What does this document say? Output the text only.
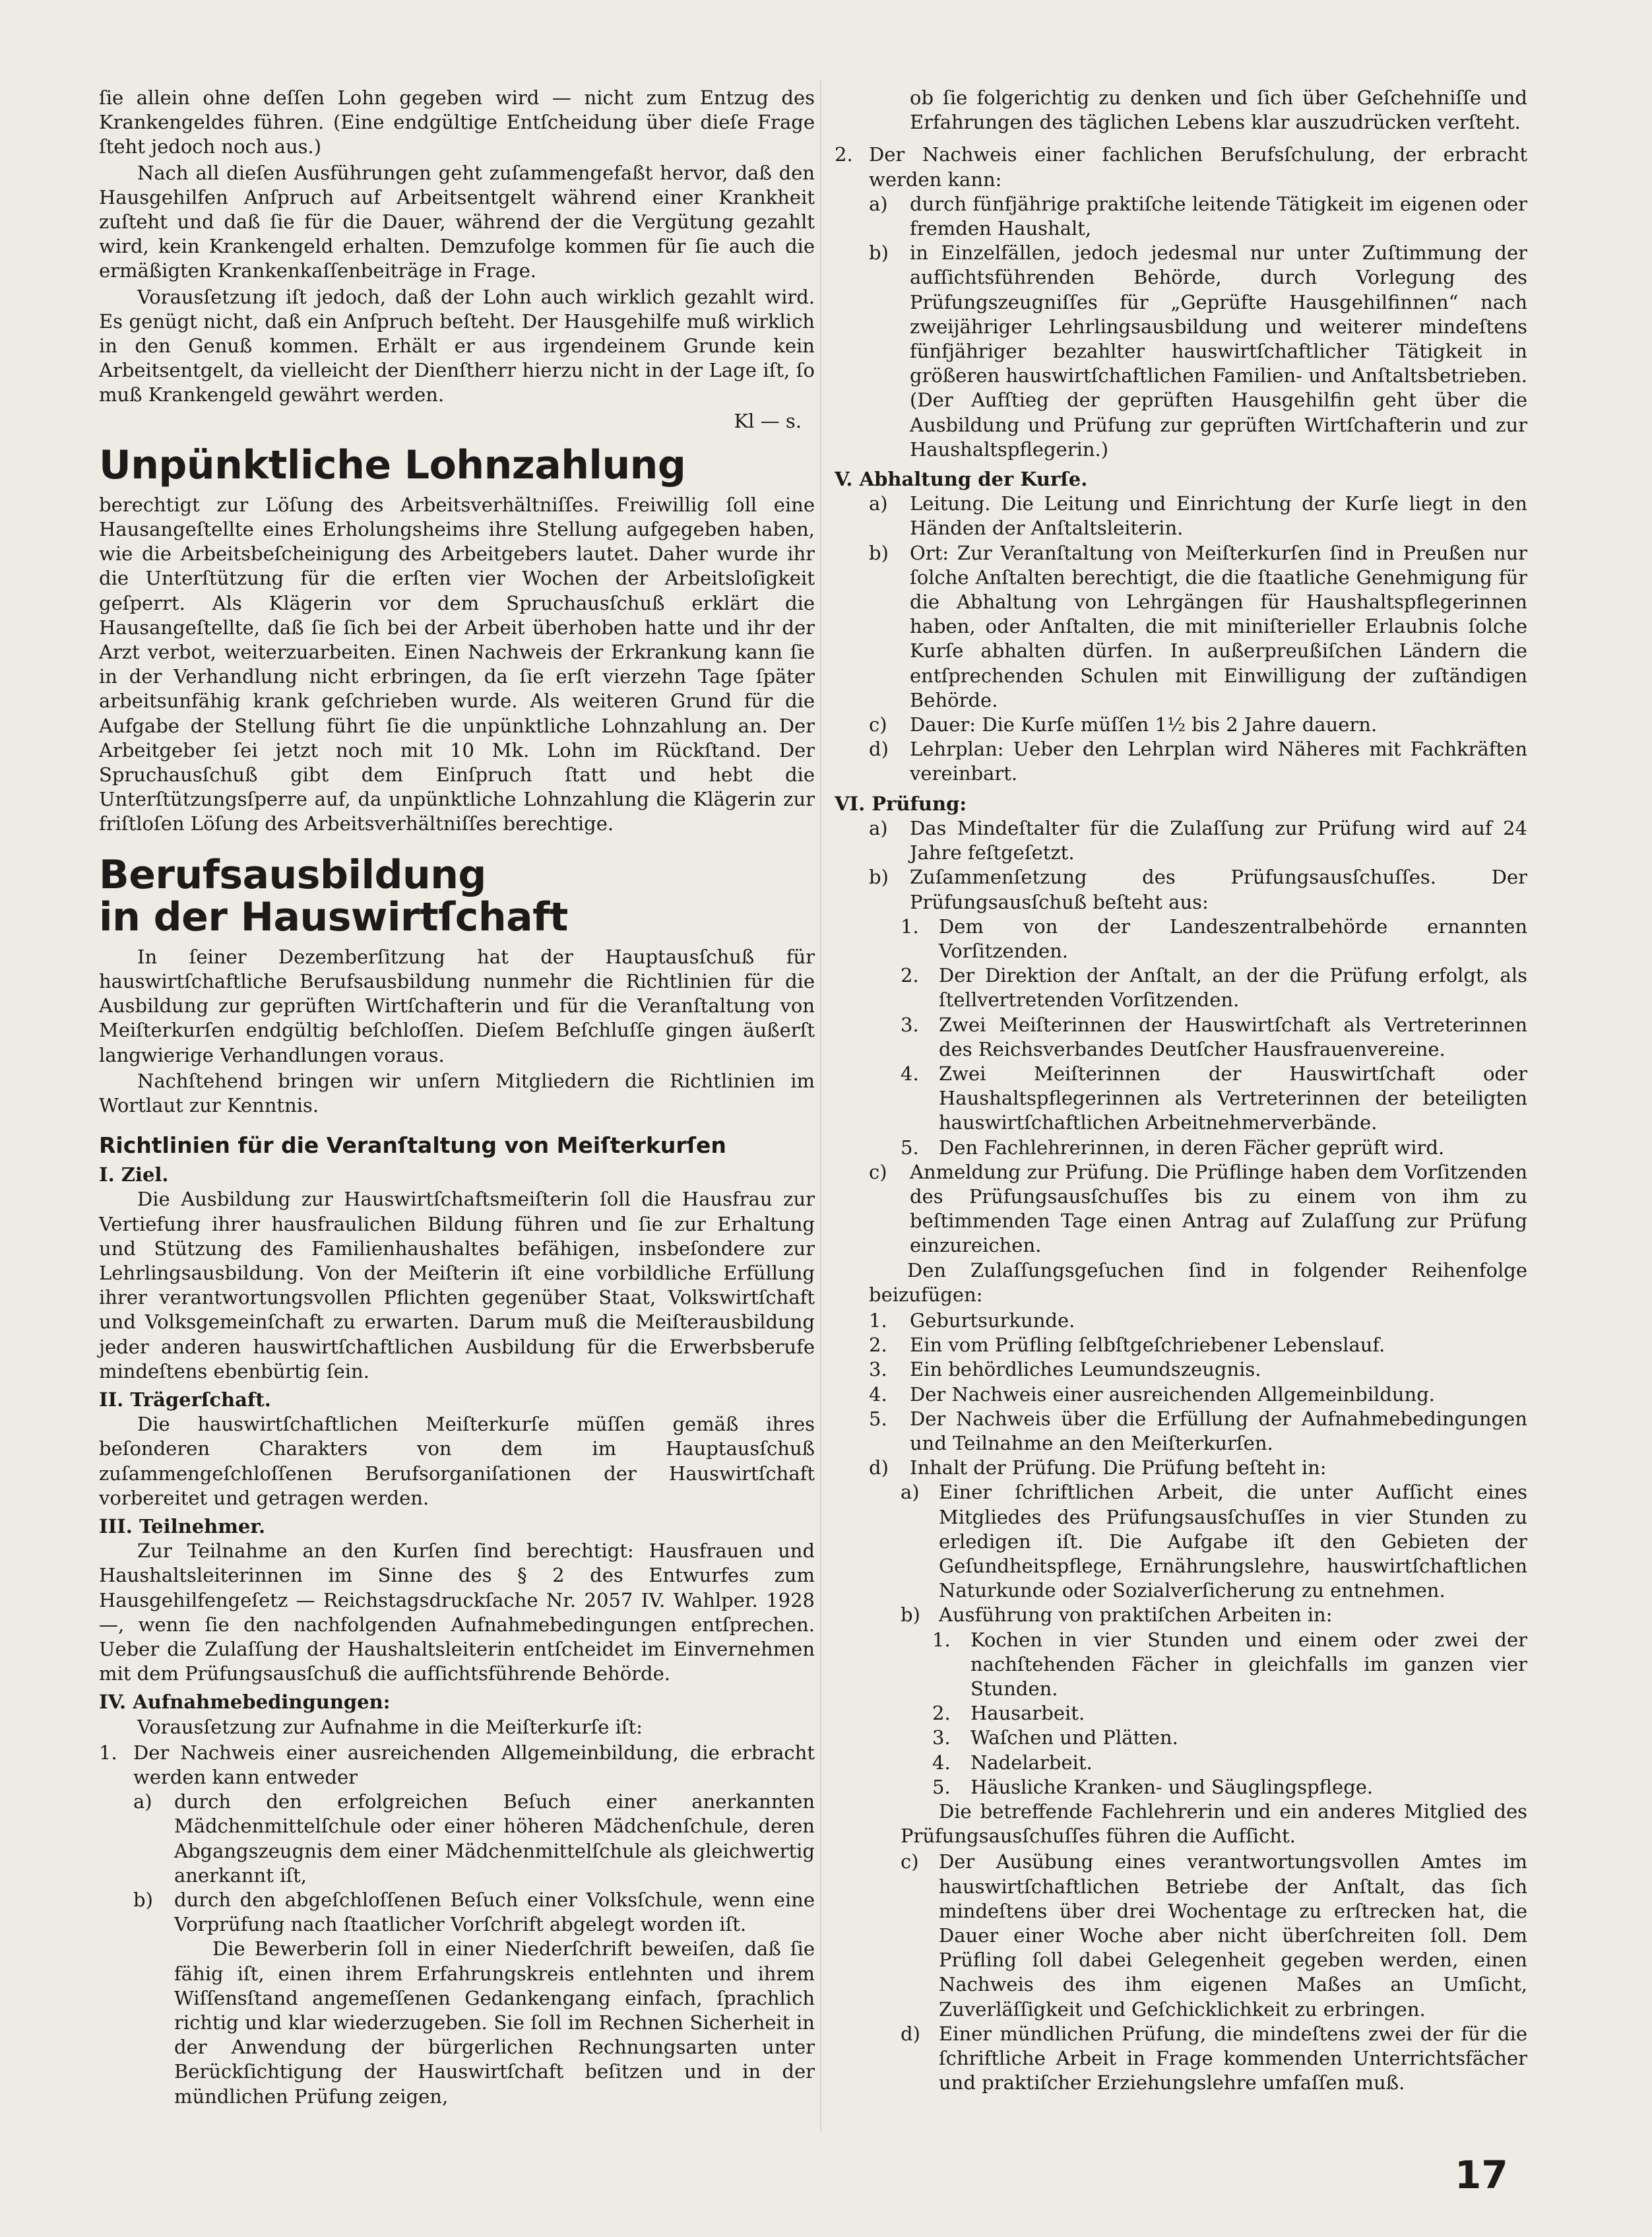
ſie allein ohne deſſen Lohn gegeben wird — nicht zum Entzug des Krankengeldes führen. (Eine endgültige Entſcheidung über dieſe Frage ſteht jedoch noch aus.)

Nach all dieſen Ausführungen geht zuſammengefaßt hervor, daß den Hausgehilfen Anſpruch auf Arbeitsentgelt während einer Krankheit zuſteht und daß ſie für die Dauer, während der die Vergütung gezahlt wird, kein Krankengeld erhalten. Demzufolge kommen für ſie auch die ermäßigten Krankenkaſſenbeiträge in Frage.

Vorausſetzung iſt jedoch, daß der Lohn auch wirklich gezahlt wird. Es genügt nicht, daß ein Anſpruch beſteht. Der Hausgehilfe muß wirklich in den Genuß kommen. Erhält er aus irgendeinem Grunde kein Arbeitsentgelt, da vielleicht der Dienſtherr hierzu nicht in der Lage iſt, ſo muß Krankengeld gewährt werden.

Kl — s.

Unpünktliche Lohnzahlung

berechtigt zur Löſung des Arbeitsverhältniſſes. Freiwillig ſoll eine Hausangeſtellte eines Erholungsheims ihre Stellung aufgegeben haben, wie die Arbeitsbeſcheinigung des Arbeitgebers lautet. Daher wurde ihr die Unterſtützung für die erſten vier Wochen der Arbeitsloſigkeit geſperrt. Als Klägerin vor dem Spruchausſchuß erklärt die Hausangeſtellte, daß ſie ſich bei der Arbeit überhoben hatte und ihr der Arzt verbot, weiterzuarbeiten. Einen Nachweis der Erkrankung kann ſie in der Verhandlung nicht erbringen, da ſie erſt vierzehn Tage ſpäter arbeitsunfähig krank geſchrieben wurde. Als weiteren Grund für die Aufgabe der Stellung führt ſie die unpünktliche Lohnzahlung an. Der Arbeitgeber ſei jetzt noch mit 10 Mk. Lohn im Rückſtand. Der Spruchausſchuß gibt dem Einſpruch ſtatt und hebt die Unterſtützungsſperre auf, da unpünktliche Lohnzahlung die Klägerin zur friſtloſen Löſung des Arbeitsverhältniſſes berechtige.

Berufsausbildung
in der Hauswirtſchaft

In ſeiner Dezemberſitzung hat der Hauptausſchuß für hauswirtſchaftliche Berufsausbildung nunmehr die Richtlinien für die Ausbildung zur geprüften Wirtſchafterin und für die Veranſtaltung von Meiſterkurſen endgültig beſchloſſen. Dieſem Beſchluſſe gingen äußerſt langwierige Verhandlungen voraus.

Nachſtehend bringen wir unſern Mitgliedern die Richtlinien im Wortlaut zur Kenntnis.

Richtlinien für die Veranſtaltung von Meiſterkurſen

I. Ziel.

Die Ausbildung zur Hauswirtſchaftsmeiſterin ſoll die Hausfrau zur Vertiefung ihrer hausfraulichen Bildung führen und ſie zur Erhaltung und Stützung des Familienhaushaltes befähigen, insbeſondere zur Lehrlingsausbildung. Von der Meiſterin iſt eine vorbildliche Erfüllung ihrer verantwortungsvollen Pflichten gegenüber Staat, Volkswirtſchaft und Volksgemeinſchaft zu erwarten. Darum muß die Meiſterausbildung jeder anderen hauswirtſchaftlichen Ausbildung für die Erwerbsberufe mindeſtens ebenbürtig ſein.

II. Trägerſchaft.

Die hauswirtſchaftlichen Meiſterkurſe müſſen gemäß ihres beſonderen Charakters von dem im Hauptausſchuß zuſammengeſchloſſenen Berufsorganiſationen der Hauswirtſchaft vorbereitet und getragen werden.

III. Teilnehmer.

Zur Teilnahme an den Kurſen ſind berechtigt: Hausfrauen und Haushaltsleiterinnen im Sinne des § 2 des Entwurfes zum Hausgehilfengeſetz — Reichstagsdruckſache Nr. 2057 IV. Wahlper. 1928 —, wenn ſie den nachfolgenden Aufnahmebedingungen entſprechen. Ueber die Zulaſſung der Haushaltsleiterin entſcheidet im Einvernehmen mit dem Prüfungsausſchuß die aufſichtsführende Behörde.

IV. Aufnahmebedingungen:

Vorausſetzung zur Aufnahme in die Meiſterkurſe iſt:

1. Der Nachweis einer ausreichenden Allgemeinbildung, die erbracht werden kann entweder
a)	durch den erfolgreichen Beſuch einer anerkannten Mädchenmittelſchule oder einer höheren Mädchenſchule, deren Abgangszeugnis dem einer Mädchenmittelſchule als gleichwertig anerkannt iſt,
b)	durch den abgeſchloſſenen Beſuch einer Volksſchule, wenn eine Vorprüfung nach ſtaatlicher Vorſchrift abgelegt worden iſt.

Die Bewerberin ſoll in einer Niederſchrift beweiſen, daß ſie fähig iſt, einen ihrem Erfahrungskreis entlehnten und ihrem Wiſſensſtand angemeſſenen Gedankengang einfach, ſprachlich richtig und klar wiederzugeben. Sie ſoll im Rechnen Sicherheit in der Anwendung der bürgerlichen Rechnungsarten unter Berückſichtigung der Hauswirtſchaft beſitzen und in der mündlichen Prüfung zeigen,

ob ſie folgerichtig zu denken und ſich über Geſchehniſſe und Erfahrungen des täglichen Lebens klar auszudrücken verſteht.

2. Der Nachweis einer fachlichen Berufsſchulung, der erbracht werden kann:
a)	durch fünfjährige praktiſche leitende Tätigkeit im eigenen oder fremden Haushalt,
b)	in Einzelfällen, jedoch jedesmal nur unter Zuſtimmung der aufſichtsführenden Behörde, durch Vorlegung des Prüfungszeugniſſes für „Geprüfte Hausgehilfinnen“ nach zweijähriger Lehrlingsausbildung und weiterer mindeſtens fünfjähriger bezahlter hauswirtſchaftlicher Tätigkeit in größeren hauswirtſchaftlichen Familien- und Anſtaltsbetrieben. (Der Aufſtieg der geprüften Hausgehilfin geht über die Ausbildung und Prüfung zur geprüften Wirtſchafterin und zur Haushaltspflegerin.)

V. Abhaltung der Kurſe.

a)	Leitung. Die Leitung und Einrichtung der Kurſe liegt in den Händen der Anſtaltsleiterin.
b)	Ort: Zur Veranſtaltung von Meiſterkurſen ſind in Preußen nur ſolche Anſtalten berechtigt, die die ſtaatliche Genehmigung für die Abhaltung von Lehrgängen für Haushaltspflegerinnen haben, oder Anſtalten, die mit miniſterieller Erlaubnis ſolche Kurſe abhalten dürfen. In außerpreußiſchen Ländern die entſprechenden Schulen mit Einwilligung der zuſtändigen Behörde.
c)	Dauer: Die Kurſe müſſen 1½ bis 2 Jahre dauern.
d)	Lehrplan: Ueber den Lehrplan wird Näheres mit Fachkräften vereinbart.

VI. Prüfung:

a)	Das Mindeſtalter für die Zulaſſung zur Prüfung wird auf 24 Jahre feſtgeſetzt.
b)	Zuſammenſetzung des Prüfungsausſchuſſes. Der Prüfungsausſchuß beſteht aus:
1.	Dem von der Landeszentralbehörde ernannten Vorſitzenden.
2.	Der Direktion der Anſtalt, an der die Prüfung erfolgt, als ſtellvertretenden Vorſitzenden.
3.	Zwei Meiſterinnen der Hauswirtſchaft als Vertreterinnen des Reichsverbandes Deutſcher Hausfrauenvereine.
4.	Zwei Meiſterinnen der Hauswirtſchaft oder Haushaltspflegerinnen als Vertreterinnen der beteiligten hauswirtſchaftlichen Arbeitnehmerverbände.
5.	Den Fachlehrerinnen, in deren Fächer geprüft wird.
c)	Anmeldung zur Prüfung. Die Prüflinge haben dem Vorſitzenden des Prüfungsausſchuſſes bis zu einem von ihm zu beſtimmenden Tage einen Antrag auf Zulaſſung zur Prüfung einzureichen.

Den Zulaſſungsgeſuchen ſind in folgender Reihenfolge beizufügen:

1.	Geburtsurkunde.
2.	Ein vom Prüfling ſelbſtgeſchriebener Lebenslauf.
3.	Ein behördliches Leumundszeugnis.
4.	Der Nachweis einer ausreichenden Allgemeinbildung.
5.	Der Nachweis über die Erfüllung der Aufnahmebedingungen und Teilnahme an den Meiſterkurſen.
d)	Inhalt der Prüfung. Die Prüfung beſteht in:
a)	Einer ſchriftlichen Arbeit, die unter Aufſicht eines Mitgliedes des Prüfungsausſchuſſes in vier Stunden zu erledigen iſt. Die Aufgabe iſt den Gebieten der Geſundheitspflege, Ernährungslehre, hauswirtſchaftlichen Naturkunde oder Sozialverſicherung zu entnehmen.
b) Ausführung von praktiſchen Arbeiten in:
1.	Kochen in vier Stunden und einem oder zwei der nachſtehenden Fächer in gleichfalls im ganzen vier Stunden.
2.	Hausarbeit.
3.	Waſchen und Plätten.
4.	Nadelarbeit.
5.	Häusliche Kranken- und Säuglingspflege.

Die betreffende Fachlehrerin und ein anderes Mitglied des Prüfungsausſchuſſes führen die Aufſicht.

c)	Der Ausübung eines verantwortungsvollen Amtes im hauswirtſchaftlichen Betriebe der Anſtalt, das ſich mindeſtens über drei Wochentage zu erſtrecken hat, die Dauer einer Woche aber nicht überſchreiten ſoll. Dem Prüfling ſoll dabei Gelegenheit gegeben werden, einen Nachweis des ihm eigenen Maßes an Umſicht, Zuverläſſigkeit und Geſchicklichkeit zu erbringen.
d) Einer mündlichen Prüfung, die mindeſtens zwei der für die ſchriftliche Arbeit in Frage kommenden Unterrichtsfächer und praktiſcher Erziehungslehre umfaſſen muß.
17
